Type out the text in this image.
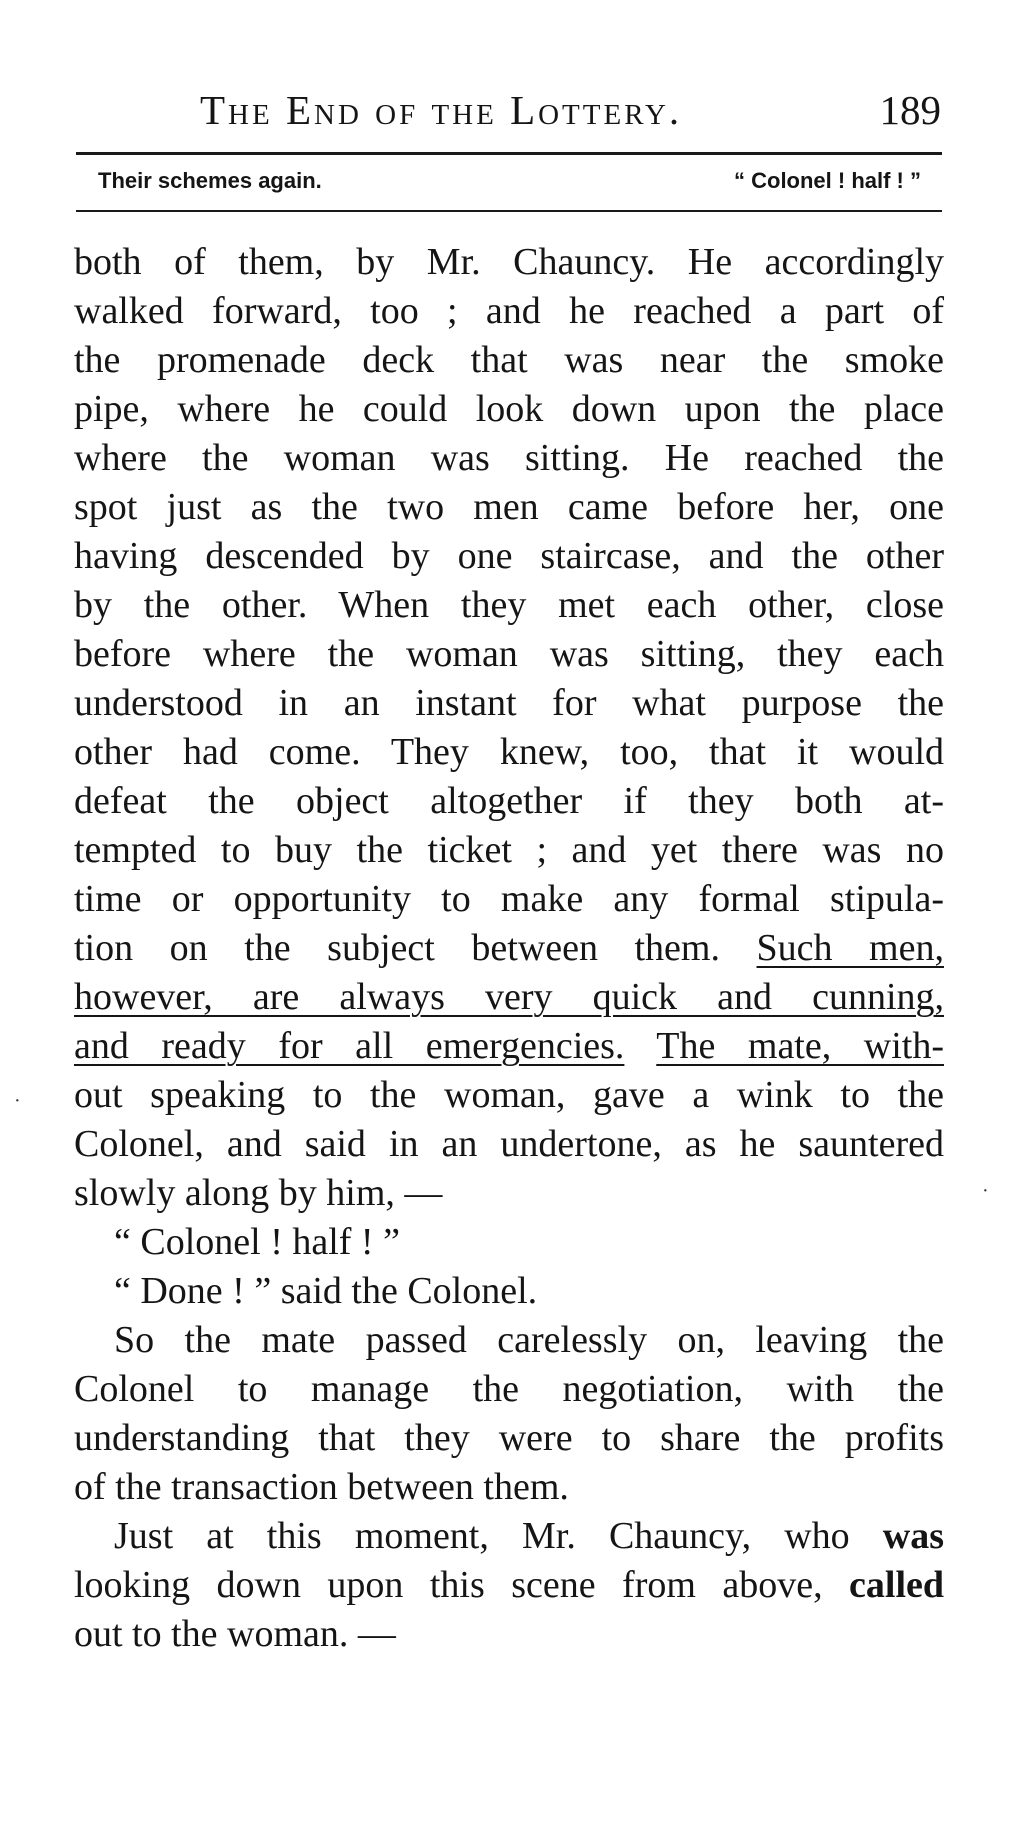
The End of the Lottery.	189
Their schemes again.	“ Colonel ! half ! ”
both of them, by Mr. Chauncy. He accordingly
walked forward, too ; and he reached a part of
the promenade deck that was near the smoke
pipe, where he could look down upon the place
where the woman was sitting. He reached the
spot just as the two men came before her, one
having descended by one staircase, and the other
by the other. When they met each other, close
before where the woman was sitting, they each
understood in an instant for what purpose the
other had come. They knew, too, that it would
defeat the object altogether if they both at-
tempted to buy the ticket ; and yet there was no
time or opportunity to make any formal stipula-
tion on the subject between them. Such men,
however, are always very quick and cunning,
and ready for all emergencies. The mate, with-
out speaking to the woman, gave a wink to the
Colonel, and said in an undertone, as he sauntered
slowly along by him, —
“ Colonel ! half ! ”
“ Done ! ” said the Colonel.
So the mate passed carelessly on, leaving the
Colonel to manage the negotiation, with the
understanding that they were to share the profits
of the transaction between them.
Just at this moment, Mr. Chauncy, who was
looking down upon this scene from above, called
out to the woman. —
·
·
